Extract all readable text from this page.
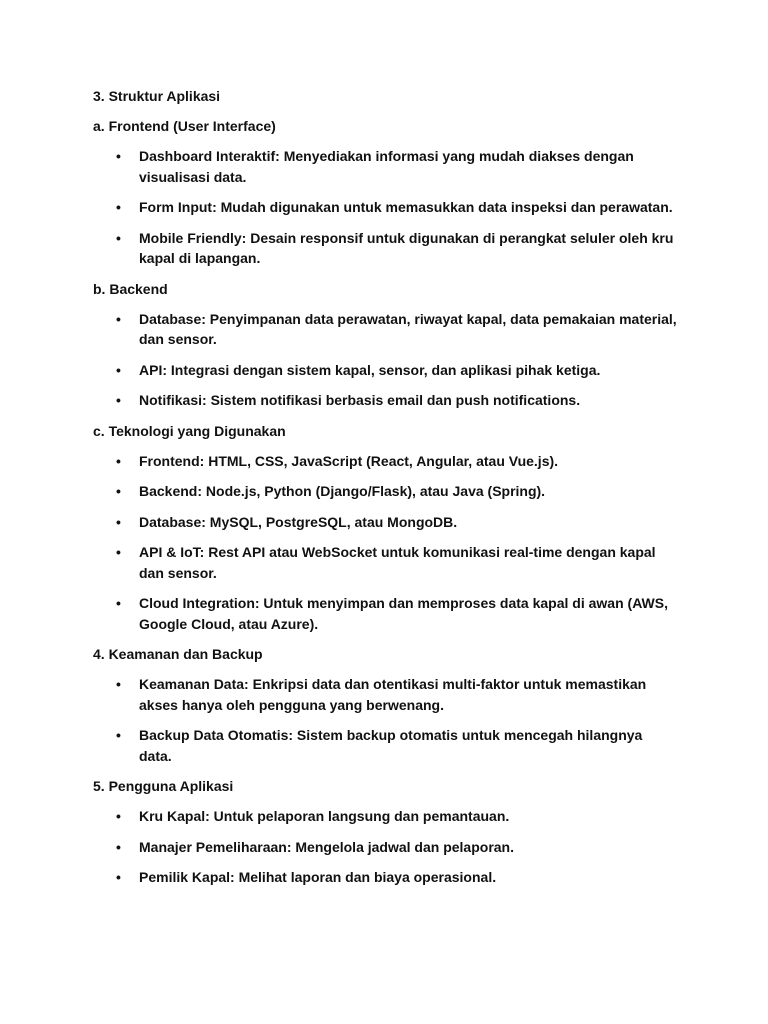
3. Struktur Aplikasi
a. Frontend (User Interface)
• Dashboard Interaktif: Menyediakan informasi yang mudah diakses dengan visualisasi data.
• Form Input: Mudah digunakan untuk memasukkan data inspeksi dan perawatan.
• Mobile Friendly: Desain responsif untuk digunakan di perangkat seluler oleh kru kapal di lapangan.
b. Backend
• Database: Penyimpanan data perawatan, riwayat kapal, data pemakaian material, dan sensor.
• API: Integrasi dengan sistem kapal, sensor, dan aplikasi pihak ketiga.
• Notifikasi: Sistem notifikasi berbasis email dan push notifications.
c. Teknologi yang Digunakan
• Frontend: HTML, CSS, JavaScript (React, Angular, atau Vue.js).
• Backend: Node.js, Python (Django/Flask), atau Java (Spring).
• Database: MySQL, PostgreSQL, atau MongoDB.
• API & IoT: Rest API atau WebSocket untuk komunikasi real-time dengan kapal dan sensor.
• Cloud Integration: Untuk menyimpan dan memproses data kapal di awan (AWS, Google Cloud, atau Azure).
4. Keamanan dan Backup
• Keamanan Data: Enkripsi data dan otentikasi multi-faktor untuk memastikan akses hanya oleh pengguna yang berwenang.
• Backup Data Otomatis: Sistem backup otomatis untuk mencegah hilangnya data.
5. Pengguna Aplikasi
• Kru Kapal: Untuk pelaporan langsung dan pemantauan.
• Manajer Pemeliharaan: Mengelola jadwal dan pelaporan.
• Pemilik Kapal: Melihat laporan dan biaya operasional.
